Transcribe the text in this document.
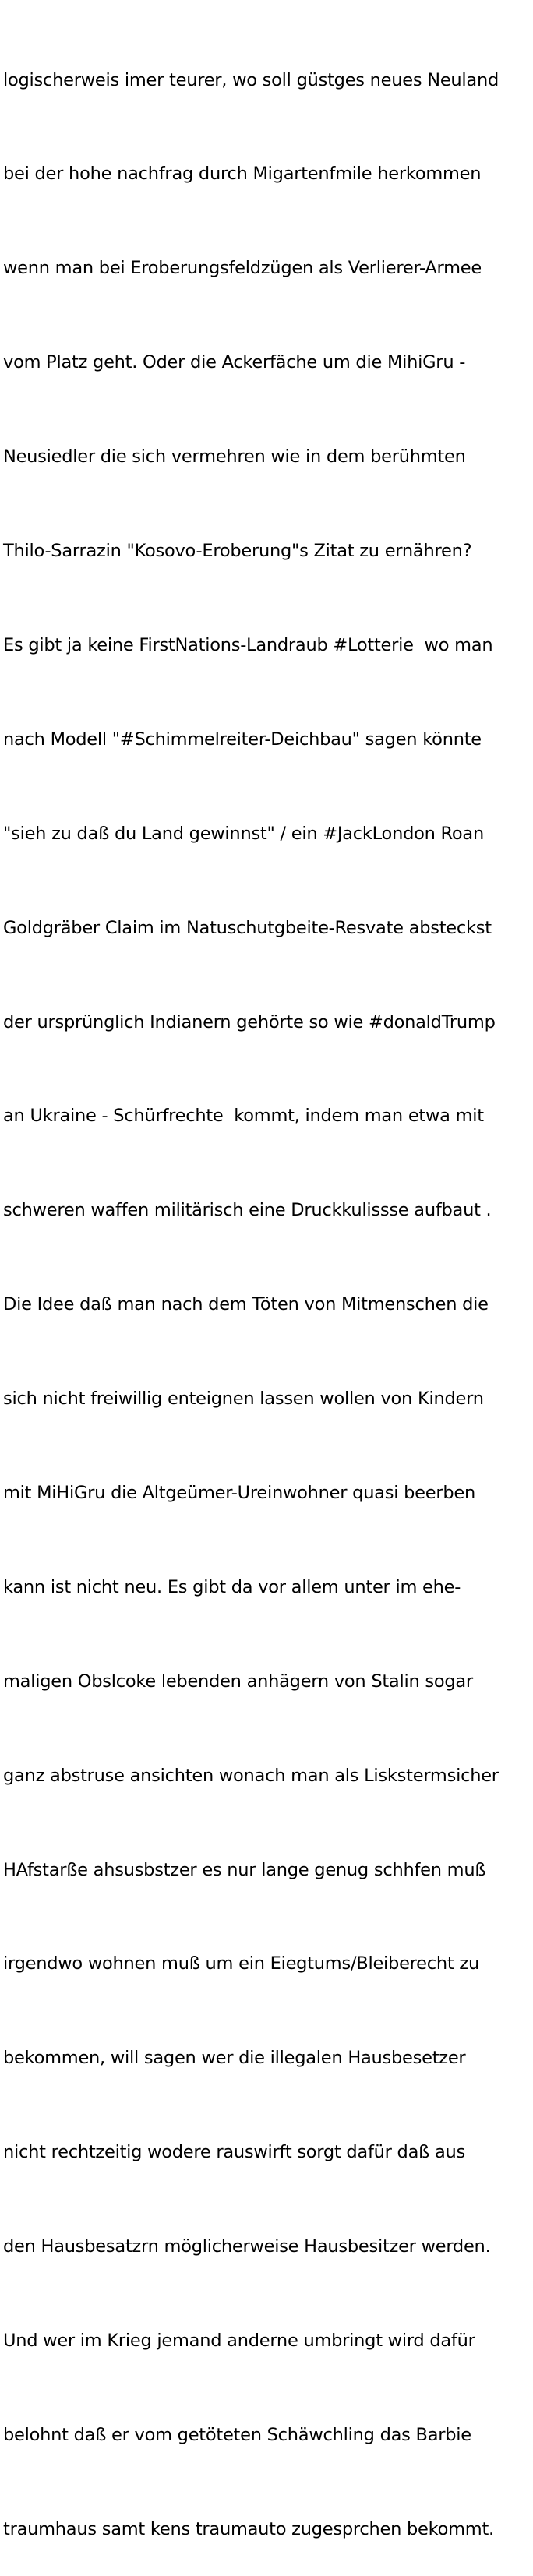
logischerweis imer teurer, wo soll güstges neues Neuland

bei der hohe nachfrag durch Migartenfmile herkommen

wenn man bei Eroberungsfeldzügen als Verlierer-Armee

vom Platz geht. Oder die Ackerfäche um die MihiGru -

Neusiedler die sich vermehren wie in dem berühmten

Thilo-Sarrazin "Kosovo-Eroberung"s Zitat zu ernähren?

Es gibt ja keine FirstNations-Landraub #Lotterie  wo man

nach Modell "#Schimmelreiter-Deichbau" sagen könnte

"sieh zu daß du Land gewinnst" / ein #JackLondon Roan

Goldgräber Claim im Natuschutgbeite-Resvate absteckst

der ursprünglich Indianern gehörte so wie #donaldTrump

an Ukraine - Schürfrechte  kommt, indem man etwa mit

schweren waffen militärisch eine Druckkulissse aufbaut .

Die Idee daß man nach dem Töten von Mitmenschen die

sich nicht freiwillig enteignen lassen wollen von Kindern

mit MiHiGru die Altgeümer-Ureinwohner quasi beerben

kann ist nicht neu. Es gibt da vor allem unter im ehe-

maligen Obslcoke lebenden anhägern von Stalin sogar

ganz abstruse ansichten wonach man als Liskstermsicher

HAfstarße ahsusbstzer es nur lange genug schhfen muß

irgendwo wohnen muß um ein Eiegtums/Bleiberecht zu

bekommen, will sagen wer die illegalen Hausbesetzer

nicht rechtzeitig wodere rauswirft sorgt dafür daß aus

den Hausbesatzrn möglicherweise Hausbesitzer werden.

Und wer im Krieg jemand anderne umbringt wird dafür

belohnt daß er vom getöteten Schäwchling das Barbie

traumhaus samt kens traumauto zugesprchen bekommt.
